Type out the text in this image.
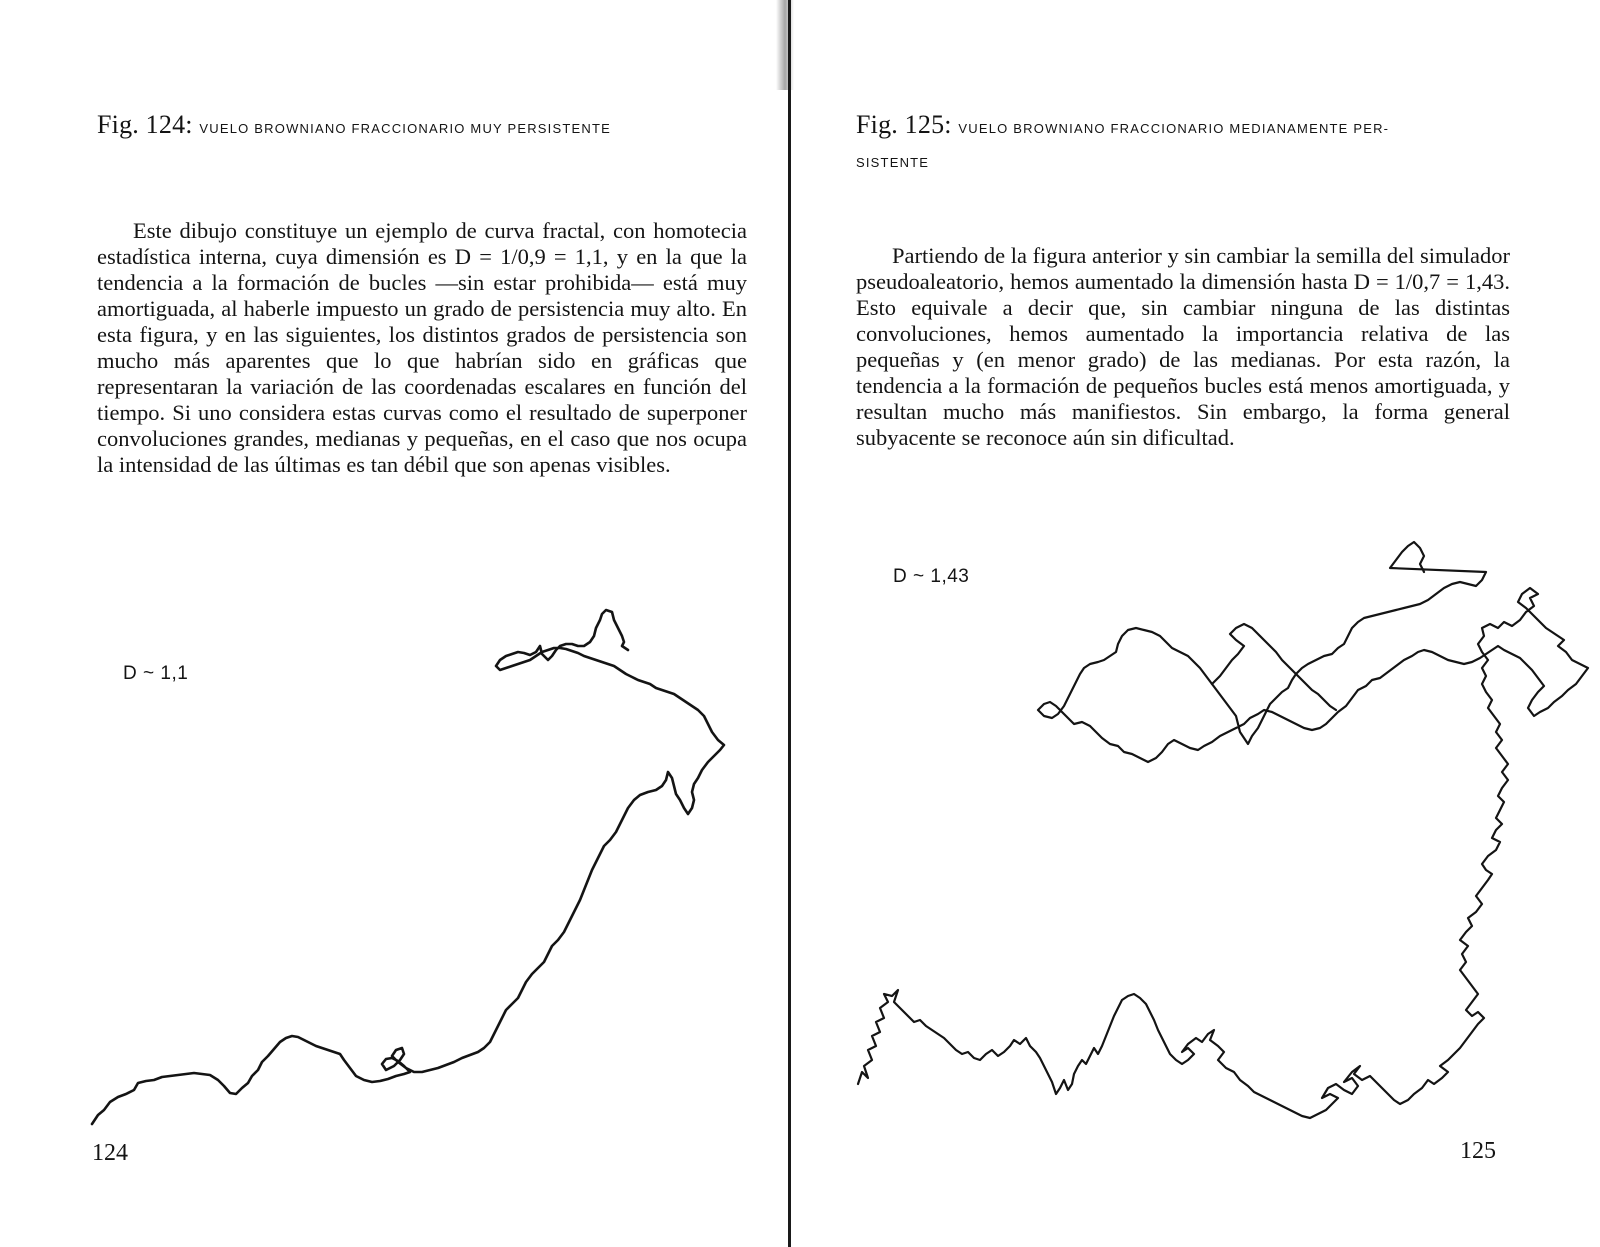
Fig. 124: VUELO BROWNIANO FRACCIONARIO MUY PERSISTENTE

Este dibujo constituye un ejemplo de curva fractal, con homotecia estadística interna, cuya dimensión es D = 1/0,9 = 1,1, y en la que la tendencia a la formación de bucles —sin estar prohibida— está muy amortiguada, al haberle impuesto un grado de persistencia muy alto. En esta figura, y en las siguientes, los distintos grados de persistencia son mucho más aparentes que lo que habrían sido en gráficas que representaran la variación de las coordenadas escalares en función del tiempo. Si uno considera estas curvas como el resultado de superponer convoluciones grandes, medianas y pequeñas, en el caso que nos ocupa la intensidad de las últimas es tan débil que son apenas visibles.

D ~ 1,1
124
Fig. 125: VUELO BROWNIANO FRACCIONARIO MEDIANAMENTE PER-
SISTENTE

Partiendo de la figura anterior y sin cambiar la semilla del simulador pseudoaleatorio, hemos aumentado la dimensión hasta D = 1/0,7 = 1,43. Esto equivale a decir que, sin cambiar ninguna de las distintas convoluciones, hemos aumentado la importancia relativa de las pequeñas y (en menor grado) de las medianas. Por esta razón, la tendencia a la formación de pequeños bucles está menos amortiguada, y resultan mucho más manifiestos. Sin embargo, la forma general subyacente se reconoce aún sin dificultad.

D ~ 1,43
125
